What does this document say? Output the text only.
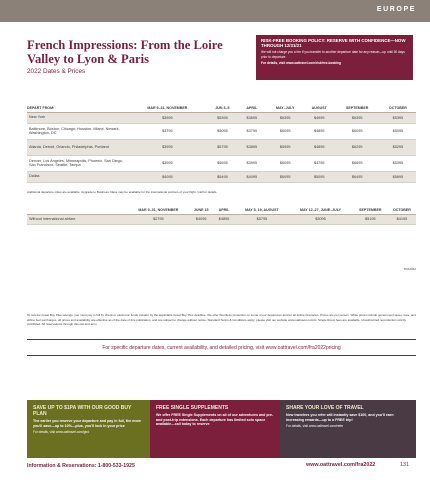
EUROPE
French Impressions: From the Loire Valley to Lyon & Paris
2022 Dates & Prices
RISK-FREE BOOKING POLICY: RESERVE WITH CONFIDENCE—NOW THROUGH 12/31/21
We will not charge you a fee if you transfer to another departure date for any reason—up until 30 days prior to departure.
For details, visit www.oattravel.com/riskfree-booking
DEPART FROM:	MAR 9–31, NOVEMBER	JUN 3–5	APRIL	MAY–JULY	AUGUST	SEPTEMBER	OCTOBER
New York	$3995	$5395	$3695	$6395	$4995	$6395	$5395
Baltimore, Boston, Chicago, Houston, Miami, Newark, Washington, DC	$3795	$5095	$3795	$6095	$4895	$6095	$5095
Atlanta, Detroit, Orlando, Philadelphia, Portland	$3995	$5795	$3895	$5995	$4895	$6295	$5295
Denver, Los Angeles, Minneapolis, Phoenix, San Diego, San Francisco, Seattle, Tampa	$3995	$5695	$3995	$6095	$4795	$6695	$5395
Dallas	$4095	$5495	$4095	$6095	$5095	$6495	$5695
Additional departure cities are available. Upgrade to Business Class may be available for the international portions of your flight. Call for details.
	MAR 9–31, NOVEMBER	JUNE 15	APRIL	MAY 5, 19, AUGUST	MAY 12–27, JUNE–JULY	SEPTEMBER	OCTOBER
Without international airfare	$2795	$4095	$4895	$5795	$3095	$5195	$4195
TPA2022
To receive Great Buy Plus savings, you must pay in full by check or electronic funds transfer by the applicable Great Buy Plus deadline. We offer Worriless protection on some of our departures and for all airline itineraries. Prices are per person. While prices include government taxes, fees, and airline fuel surcharges, all prices and availability are effective as of the date of this publication, and are subject to change without notice. Standard Terms & Conditions apply; please visit our website www.oattravel.com/tc. Single Room fees are available. Unauthorized reproduction strictly prohibited. All reservations through this oat-and-term.
For specific departure dates, current availability, and detailed pricing, visit www.oattravel.com/fra2022pricing
SAVE UP TO $1PA WITH OUR GOOD BUY PLAN
The earlier you reserve your departure and pay in full, the more you'll save—up to 10%—plus, you'll lock in your price
For details, visit www.oattravel.com/gbd
FREE SINGLE SUPPLEMENTS
We offer FREE Single Supplements on all of our adventures and pre- and post-trip extensions. Each departure has limited solo space available—call today to reserve
SHARE YOUR LOVE OF TRAVEL
New travelers you refer will instantly save $100, and you'll earn increasing rewards—up to a FREE trip!
For details, visit www.oattravel.com/refer
Information & Reservations: 1-800-533-1925	www.oattravel.com/fra2022	131
